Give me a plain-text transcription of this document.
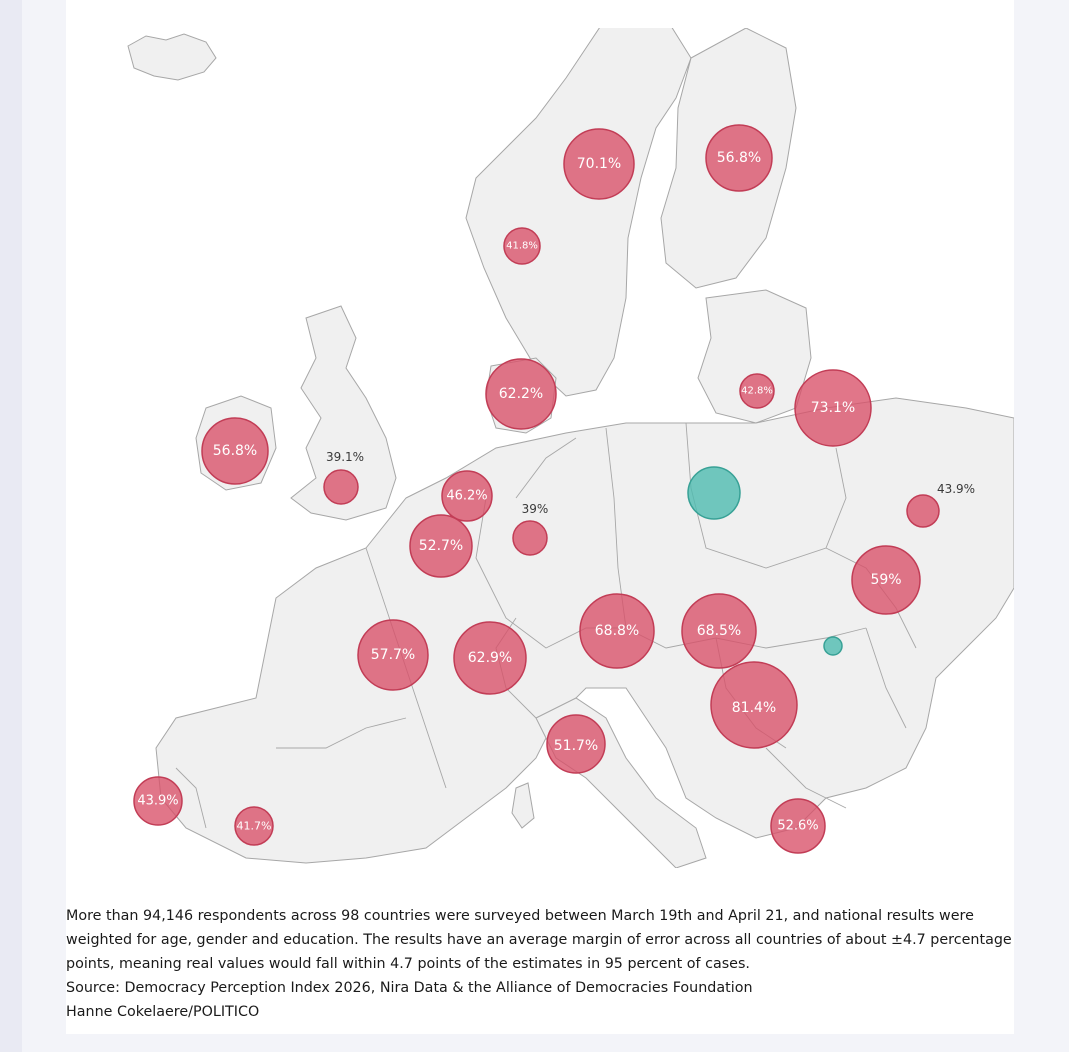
70.1%	56.8%
41.8%
62.2%	42.8%
73.1%
56.8%	39.1%
46.2%
39%
43.9%
52.7%
59%
57.7%	62.9%
68.8%	68.5%
81.4%
51.7%
43.9%
41.7%	52.6%

More than 94,146 respondents across 98 countries were surveyed between March 19th and April 21, and national results were weighted for age, gender and education. The results have an average margin of error across all countries of about ±4.7 percentage points, meaning real values would fall within 4.7 points of the estimates in 95 percent of cases.

Source: Democracy Perception Index 2026, Nira Data & the Alliance of Democracies Foundation

Hanne Cokelaere/POLITICO
